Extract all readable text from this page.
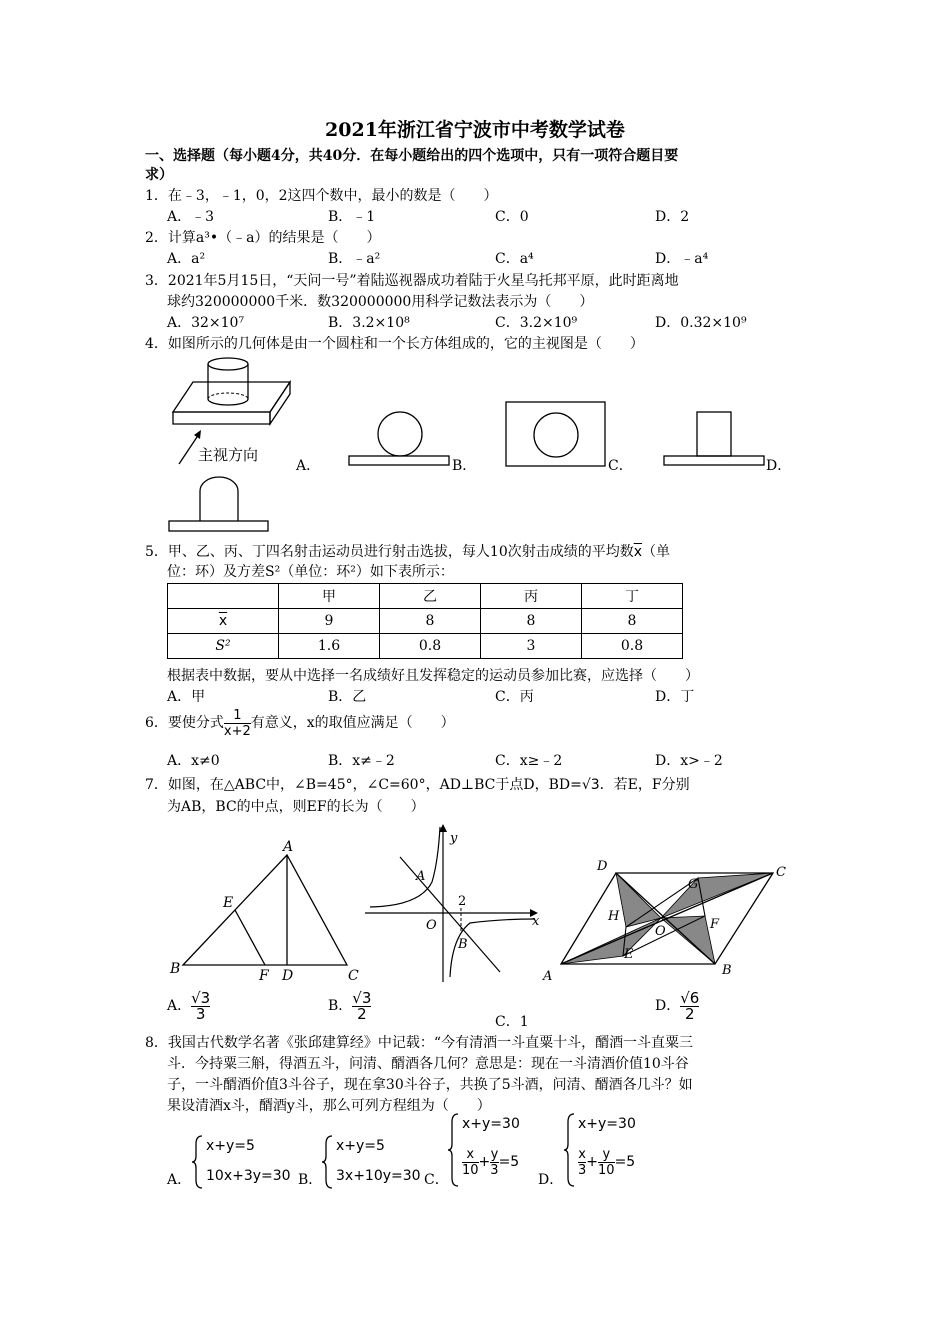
2021年浙江省宁波市中考数学试卷
一、选择题（每小题4分，共40分．在每小题给出的四个选项中，只有一项符合题目要
求）
1．在﹣3，﹣1，0，2这四个数中，最小的数是（　　）
A．﹣3	B．﹣1	C．0	D．2
2．计算a³•（﹣a）的结果是（　　）
A．a²	B．﹣a²	C．a⁴	D．﹣a⁴
3．2021年5月15日，“天问一号”着陆巡视器成功着陆于火星乌托邦平原，此时距离地
球约320000000千米．数320000000用科学记数法表示为（　　）
A．32×10⁷	B．3.2×10⁸	C．3.2×10⁹	D．0.32×10⁹
4．如图所示的几何体是由一个圆柱和一个长方体组成的，它的主视图是（　　）
主视方向
A．	B．	C．	D．
5．甲、乙、丙、丁四名射击运动员进行射击选拔，每人10次射击成绩的平均数$\overline{x}$（单
位：环）及方差S²（单位：环²）如下表所示：
	甲	乙	丙	丁
$\overline{x}$	9	8	8	8
S²	1.6	0.8	3	0.8
根据表中数据，要从中选择一名成绩好且发挥稳定的运动员参加比赛，应选择（　　）
A．甲	B．乙	C．丙	D．丁
6．要使分式 $\frac{1}{x+2}$ 有意义，x的取值应满足（　　）
A．x≠0	B．x≠﹣2	C．x≥﹣2	D．x>﹣2
7．如图，在△ABC中，∠B=45°，∠C=60°，AD⊥BC于点D，BD=√3．若E，F分别
为AB，BC的中点，则EF的长为（　　）
A
B	C
D
E
F
y
x
O
A
B
2
D	C
A	B
G
H
O	F
E
A． $\frac{√3}{3}$	B． $\frac{√3}{2}$
C．1
D． $\frac{√6}{2}$
8．我国古代数学名著《张邱建算经》中记载：“今有清酒一斗直粟十斗，醑酒一斗直粟三
斗．今持粟三斛，得酒五斗，问清、醑酒各几何？意思是：现在一斗清酒价值10斗谷
子，一斗醑酒价值3斗谷子，现在拿30斗谷子，共换了5斗酒，问清、醑酒各几斗？如
果设清酒x斗，醑酒y斗，那么可列方程组为（　　）
A．
x+y=5
10x+3y=30 B．
x+y=5
3x+10y=30 C．
x+y=30
$\frac{x}{10} + \frac{y}{3} =5$
D．
x+y=30
$\frac{x}{3} + \frac{y}{10} =5$
